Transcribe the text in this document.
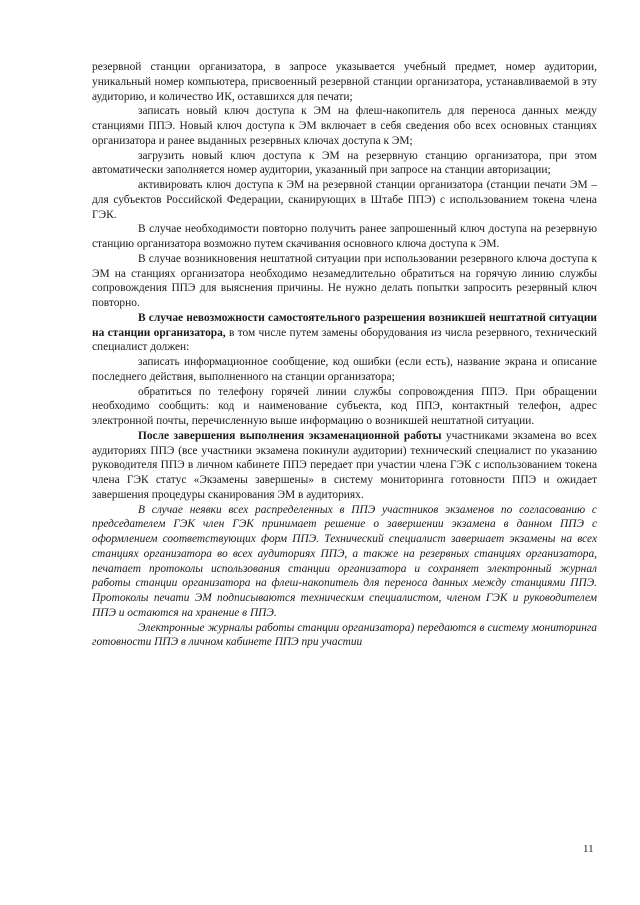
резервной станции организатора, в запросе указывается учебный предмет, номер аудитории, уникальный номер компьютера, присвоенный резервной станции организатора, устанавливаемой в эту аудиторию, и количество ИК, оставшихся для печати;

записать новый ключ доступа к ЭМ на флеш-накопитель для переноса данных между станциями ППЭ. Новый ключ доступа к ЭМ включает в себя сведения обо всех основных станциях организатора и ранее выданных резервных ключах доступа к ЭМ;

загрузить новый ключ доступа к ЭМ на резервную станцию организатора, при этом автоматически заполняется номер аудитории, указанный при запросе на станции авторизации;

активировать ключ доступа к ЭМ на резервной станции организатора (станции печати ЭМ – для субъектов Российской Федерации, сканирующих в Штабе ППЭ) с использованием токена члена ГЭК.

В случае необходимости повторно получить ранее запрошенный ключ доступа на резервную станцию организатора возможно путем скачивания основного ключа доступа к ЭМ.

В случае возникновения нештатной ситуации при использовании резервного ключа доступа к ЭМ на станциях организатора необходимо незамедлительно обратиться на горячую линию службы сопровождения ППЭ для выяснения причины. Не нужно делать попытки запросить резервный ключ повторно.

В случае невозможности самостоятельного разрешения возникшей нештатной ситуации на станции организатора, в том числе путем замены оборудования из числа резервного, технический специалист должен:

записать информационное сообщение, код ошибки (если есть), название экрана и описание последнего действия, выполненного на станции организатора;

обратиться по телефону горячей линии службы сопровождения ППЭ. При обращении необходимо сообщить: код и наименование субъекта, код ППЭ, контактный телефон, адрес электронной почты, перечисленную выше информацию о возникшей нештатной ситуации.

После завершения выполнения экзаменационной работы участниками экзамена во всех аудиториях ППЭ (все участники экзамена покинули аудитории) технический специалист по указанию руководителя ППЭ в личном кабинете ППЭ передает при участии члена ГЭК с использованием токена члена ГЭК статус «Экзамены завершены» в систему мониторинга готовности ППЭ и ожидает завершения процедуры сканирования ЭМ в аудиториях.

В случае неявки всех распределенных в ППЭ участников экзаменов по согласованию с председателем ГЭК член ГЭК принимает решение о завершении экзамена в данном ППЭ с оформлением соответствующих форм ППЭ. Технический специалист завершает экзамены на всех станциях организатора во всех аудиториях ППЭ, а также на резервных станциях организатора, печатает протоколы использования станции организатора и сохраняет электронный журнал работы станции организатора на флеш-накопитель для переноса данных между станциями ППЭ. Протоколы печати ЭМ подписываются техническим специалистом, членом ГЭК и руководителем ППЭ и остаются на хранение в ППЭ.

Электронные журналы работы станции организатора) передаются в систему мониторинга готовности ППЭ в личном кабинете ППЭ при участии

11
